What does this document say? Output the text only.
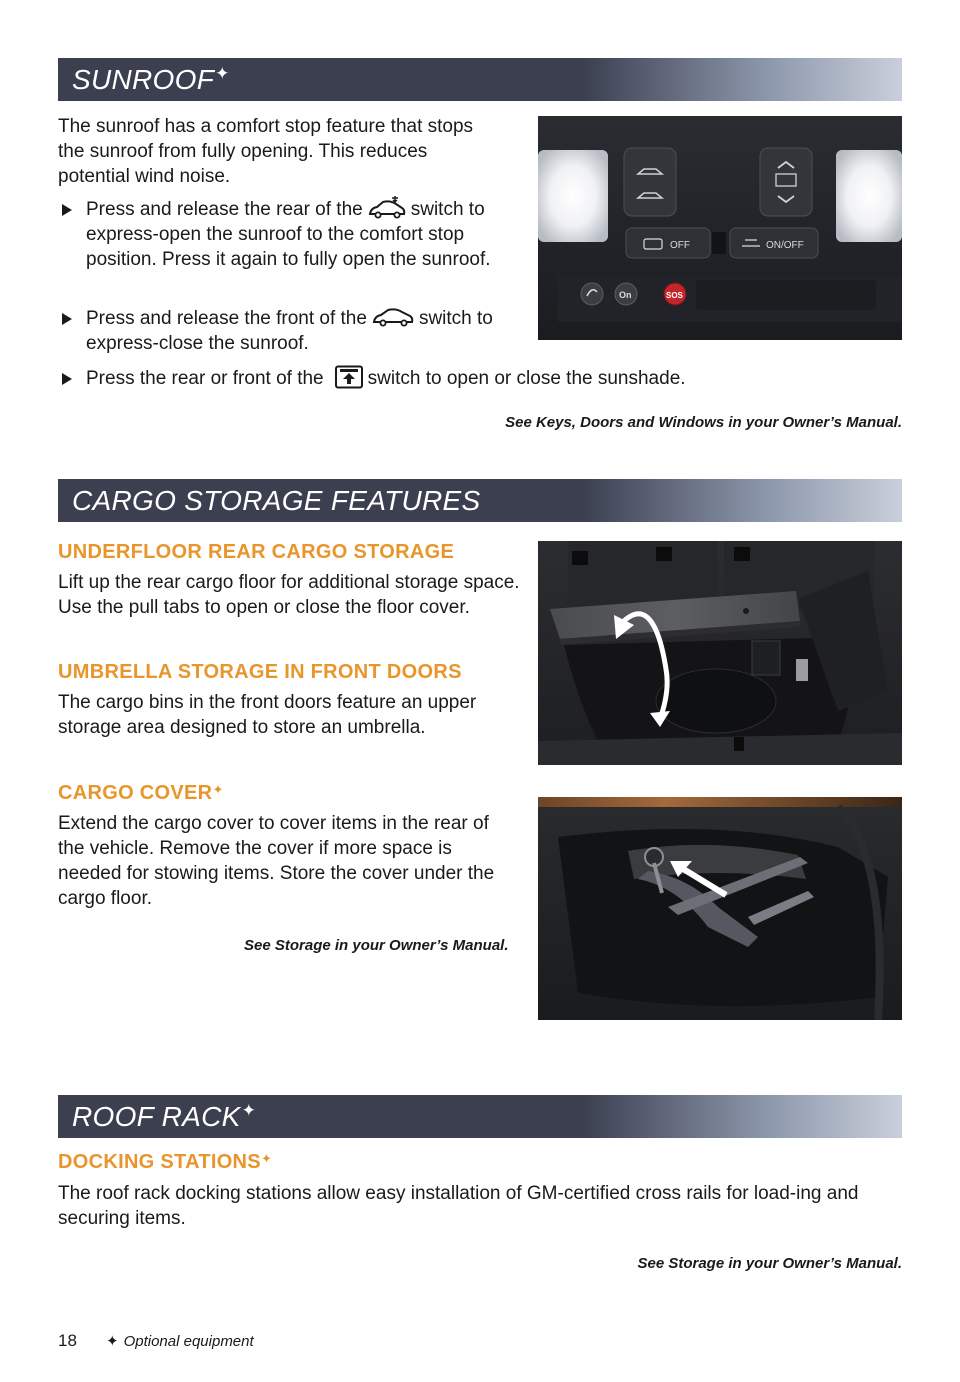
SUNROOF✦

The sunroof has a comfort stop feature that stops the sunroof from fully opening. This reduces potential wind noise.

Press and release the rear of the	switch to express-open the sunroof to the comfort stop position. Press it again to fully open the sunroof.
Press and release the front of the	switch to express-close the sunroof.
Press the rear or front of the switch to open or close the sunshade.

See Keys, Doors and Windows in your Owner’s Manual.

OFF	ON/OFF
On	SOS
CARGO STORAGE FEATURES

UNDERFLOOR REAR CARGO STORAGE

Lift up the rear cargo floor for additional storage space. Use the pull tabs to open or close the floor cover.

UMBRELLA STORAGE IN FRONT DOORS

The cargo bins in the front doors feature an upper storage area designed to store an umbrella.

CARGO COVER✦

Extend the cargo cover to cover items in the rear of the vehicle. Remove the cover if more space is needed for stowing items. Store the cover under the cargo floor.

See Storage in your Owner’s Manual.

ROOF RACK✦

DOCKING STATIONS✦

The roof rack docking stations allow easy installation of GM-certified cross rails for load-ing and securing items.

See Storage in your Owner’s Manual.

18 ✦ Optional equipment
